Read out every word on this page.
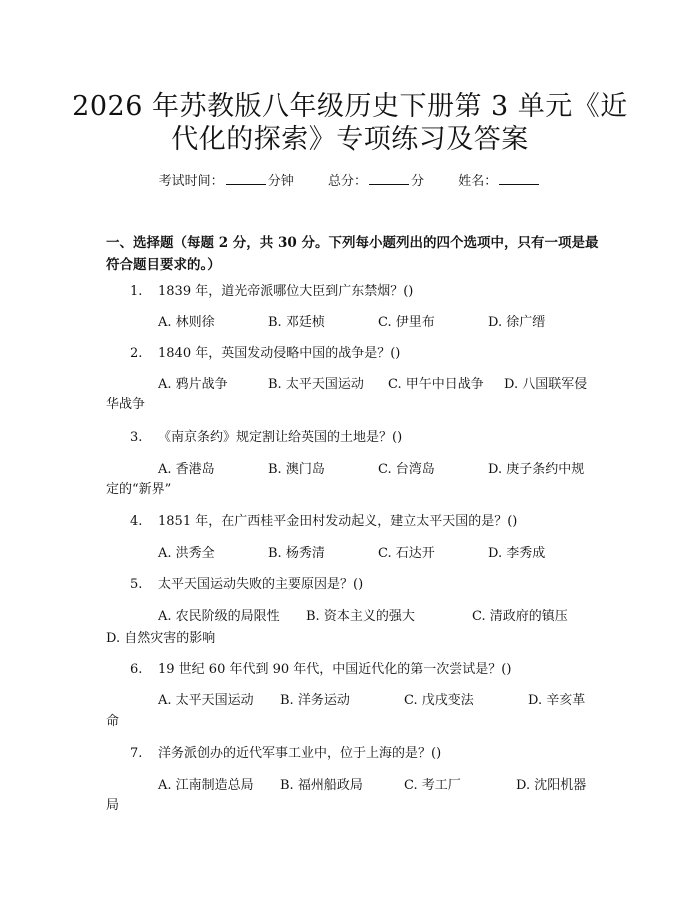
2026 年苏教版八年级历史下册第 3 单元《近
代化的探索》专项练习及答案
考试时间：	分钟	总分：	分	姓名：
一、选择题（每题 2 分，共 30 分。下列每小题列出的四个选项中，只有一项是最符合题目要求的。）
1. 1839 年，道光帝派哪位大臣到广东禁烟？()
A. 林则徐	B. 邓廷桢	C. 伊里布	D. 徐广缙
2. 1840 年，英国发动侵略中国的战争是？()
A. 鸦片战争	B. 太平天国运动 C. 甲午中日战争 D. 八国联军侵
华战争
3. 《南京条约》规定割让给英国的土地是？()
A. 香港岛	B. 澳门岛	C. 台湾岛	D. 庚子条约中规
定的“新界”
4. 1851 年，在广西桂平金田村发动起义，建立太平天国的是？()
A. 洪秀全	B. 杨秀清	C. 石达开	D. 李秀成
5. 太平天国运动失败的主要原因是？()
A. 农民阶级的局限性 B. 资本主义的强大	C. 清政府的镇压
D. 自然灾害的影响
6. 19 世纪 60 年代到 90 年代，中国近代化的第一次尝试是？()
A. 太平天国运动 B. 洋务运动	C. 戊戌变法	D. 辛亥革
命
7. 洋务派创办的近代军事工业中，位于上海的是？()
A. 江南制造总局 B. 福州船政局	C. 考工厂	D. 沈阳机器
局
